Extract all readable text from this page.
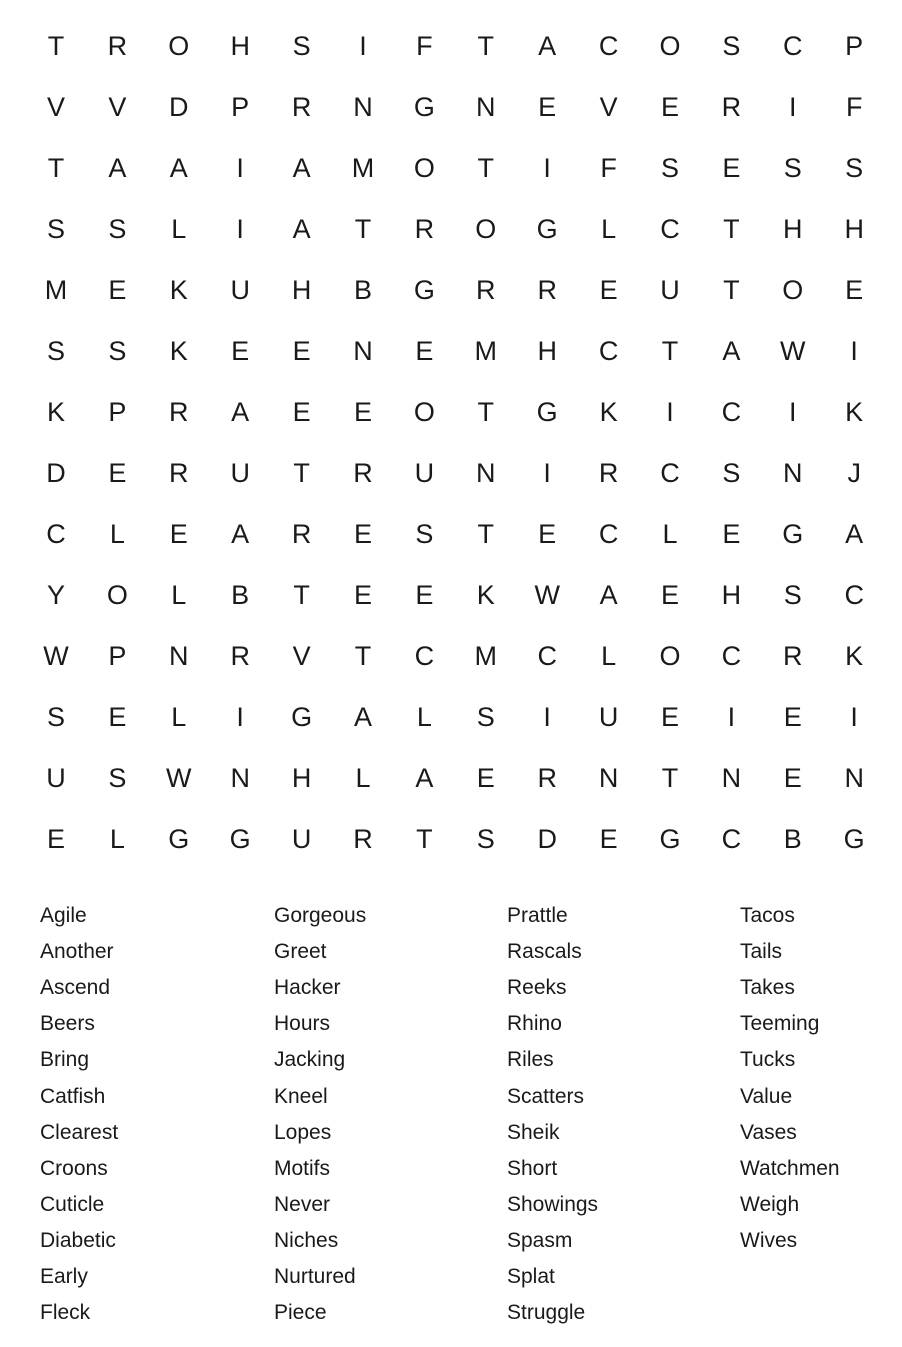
T	R	O	H	S	I	F	T	A	C	O	S	C	P
V	V	D	P	R	N	G	N	E	V	E	R	I	F
T	A	A	I	A	M	O	T	I	F	S	E	S	S
S	S	L	I	A	T	R	O	G	L	C	T	H	H
M	E	K	U	H	B	G	R	R	E	U	T	O	E
S	S	K	E	E	N	E	M	H	C	T	A	W	I
K	P	R	A	E	E	O	T	G	K	I	C	I	K
D	E	R	U	T	R	U	N	I	R	C	S	N	J
C	L	E	A	R	E	S	T	E	C	L	E	G	A
Y	O	L	B	T	E	E	K	W	A	E	H	S	C
W	P	N	R	V	T	C	M	C	L	O	C	R	K
S	E	L	I	G	A	L	S	I	U	E	I	E	I
U	S	W	N	H	L	A	E	R	N	T	N	E	N
E	L	G	G	U	R	T	S	D	E	G	C	B	G
Agile
Another
Ascend
Beers
Bring
Catfish
Clearest
Croons
Cuticle
Diabetic
Early
Fleck
Gorgeous
Greet
Hacker
Hours
Jacking
Kneel
Lopes
Motifs
Never
Niches
Nurtured
Piece
Prattle
Rascals
Reeks
Rhino
Riles
Scatters
Sheik
Short
Showings
Spasm
Splat
Struggle
Tacos
Tails
Takes
Teeming
Tucks
Value
Vases
Watchmen
Weigh
Wives
